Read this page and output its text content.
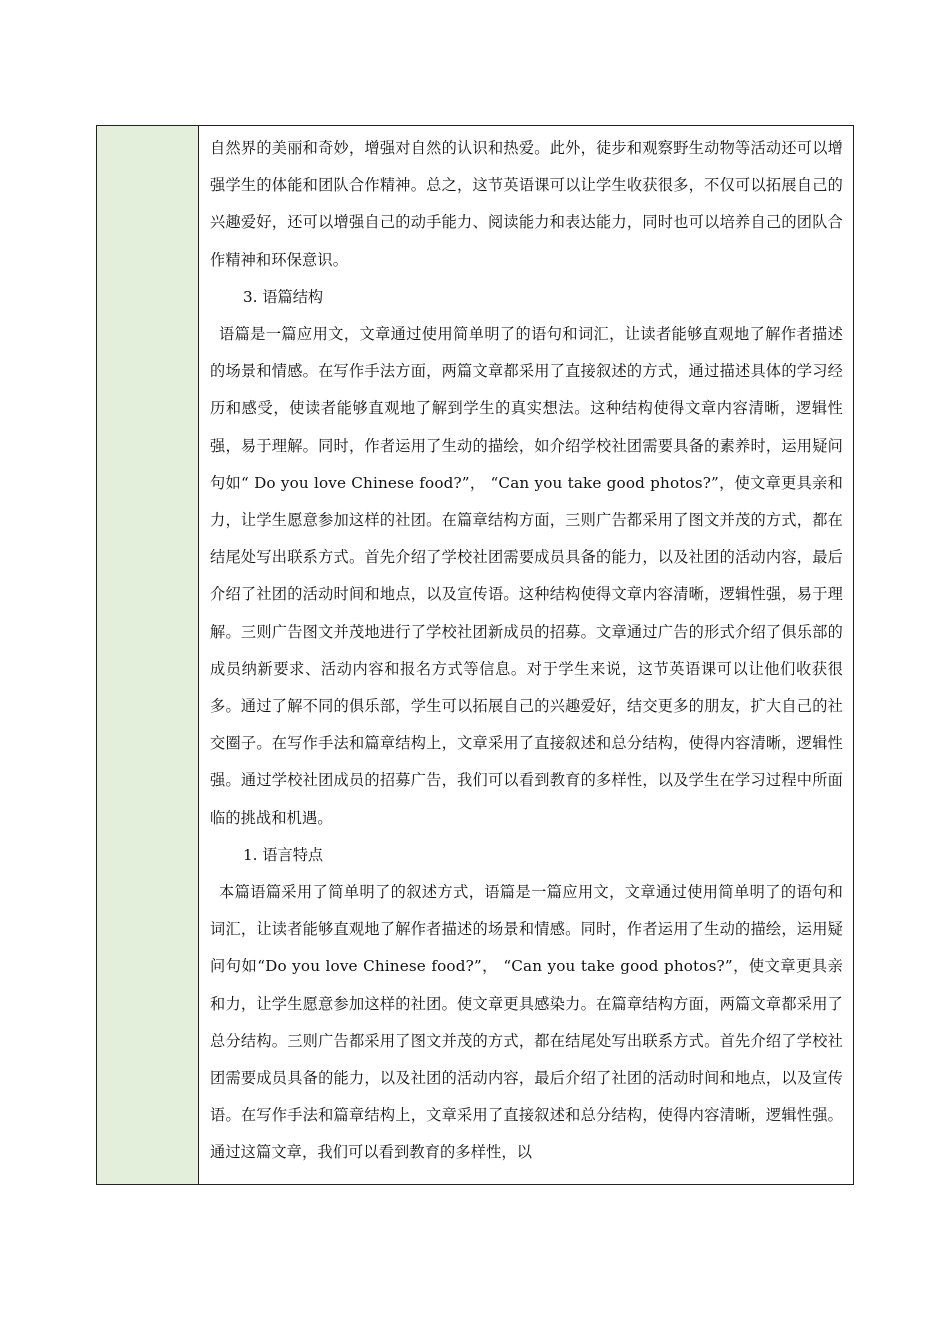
自然界的美丽和奇妙，增强对自然的认识和热爱。此外，徒步和观察野生动物等活动还可以增强学生的体能和团队合作精神。总之，这节英语课可以让学生收获很多，不仅可以拓展自己的兴趣爱好，还可以增强自己的动手能力、阅读能力和表达能力，同时也可以培养自己的团队合作精神和环保意识。

3. 语篇结构

语篇是一篇应用文，文章通过使用简单明了的语句和词汇，让读者能够直观地了解作者描述的场景和情感。在写作手法方面，两篇文章都采用了直接叙述的方式，通过描述具体的学习经历和感受，使读者能够直观地了解到学生的真实想法。这种结构使得文章内容清晰，逻辑性强，易于理解。同时，作者运用了生动的描绘，如介绍学校社团需要具备的素养时，运用疑问句如“ Do you love Chinese food?”， “Can you take good photos?”，使文章更具亲和力，让学生愿意参加这样的社团。在篇章结构方面，三则广告都采用了图文并茂的方式，都在结尾处写出联系方式。首先介绍了学校社团需要成员具备的能力，以及社团的活动内容，最后介绍了社团的活动时间和地点，以及宣传语。这种结构使得文章内容清晰，逻辑性强，易于理解。三则广告图文并茂地进行了学校社团新成员的招募。文章通过广告的形式介绍了俱乐部的成员纳新要求、活动内容和报名方式等信息。对于学生来说，这节英语课可以让他们收获很多。通过了解不同的俱乐部，学生可以拓展自己的兴趣爱好，结交更多的朋友，扩大自己的社交圈子。在写作手法和篇章结构上，文章采用了直接叙述和总分结构，使得内容清晰，逻辑性强。通过学校社团成员的招募广告，我们可以看到教育的多样性，以及学生在学习过程中所面临的挑战和机遇。

1. 语言特点

本篇语篇采用了简单明了的叙述方式，语篇是一篇应用文，文章通过使用简单明了的语句和词汇，让读者能够直观地了解作者描述的场景和情感。同时，作者运用了生动的描绘，运用疑问句如“Do you love Chinese food?”， “Can you take good photos?”，使文章更具亲和力，让学生愿意参加这样的社团。使文章更具感染力。在篇章结构方面，两篇文章都采用了总分结构。三则广告都采用了图文并茂的方式，都在结尾处写出联系方式。首先介绍了学校社团需要成员具备的能力，以及社团的活动内容，最后介绍了社团的活动时间和地点，以及宣传语。在写作手法和篇章结构上，文章采用了直接叙述和总分结构，使得内容清晰，逻辑性强。通过这篇文章，我们可以看到教育的多样性，以
